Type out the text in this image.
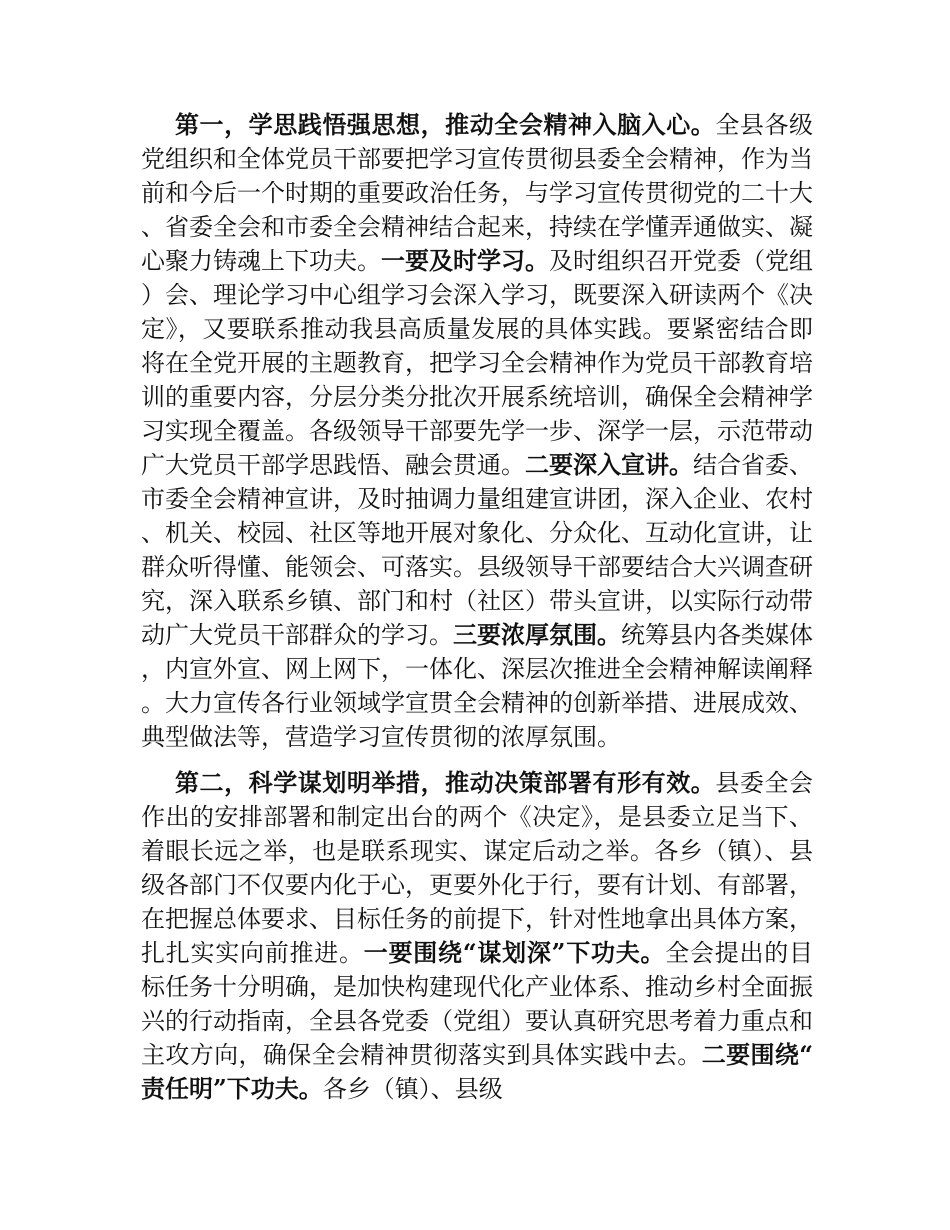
第一，学思践悟强思想，推动全会精神入脑入心。全县各级党组织和全体党员干部要把学习宣传贯彻县委全会精神，作为当前和今后一个时期的重要政治任务，与学习宣传贯彻党的二十大、省委全会和市委全会精神结合起来，持续在学懂弄通做实、凝心聚力铸魂上下功夫。一要及时学习。及时组织召开党委（党组）会、理论学习中心组学习会深入学习，既要深入研读两个《决定》，又要联系推动我县高质量发展的具体实践。要紧密结合即将在全党开展的主题教育，把学习全会精神作为党员干部教育培训的重要内容，分层分类分批次开展系统培训，确保全会精神学习实现全覆盖。各级领导干部要先学一步、深学一层，示范带动广大党员干部学思践悟、融会贯通。二要深入宣讲。结合省委、市委全会精神宣讲，及时抽调力量组建宣讲团，深入企业、农村、机关、校园、社区等地开展对象化、分众化、互动化宣讲，让群众听得懂、能领会、可落实。县级领导干部要结合大兴调查研究，深入联系乡镇、部门和村（社区）带头宣讲，以实际行动带动广大党员干部群众的学习。三要浓厚氛围。统筹县内各类媒体，内宣外宣、网上网下，一体化、深层次推进全会精神解读阐释。大力宣传各行业领域学宣贯全会精神的创新举措、进展成效、典型做法等，营造学习宣传贯彻的浓厚氛围。

第二，科学谋划明举措，推动决策部署有形有效。县委全会作出的安排部署和制定出台的两个《决定》，是县委立足当下、着眼长远之举，也是联系现实、谋定后动之举。各乡（镇）、县级各部门不仅要内化于心，更要外化于行，要有计划、有部署，在把握总体要求、目标任务的前提下，针对性地拿出具体方案，扎扎实实向前推进。一要围绕“谋划深”下功夫。全会提出的目标任务十分明确，是加快构建现代化产业体系、推动乡村全面振兴的行动指南，全县各党委（党组）要认真研究思考着力重点和主攻方向，确保全会精神贯彻落实到具体实践中去。二要围绕“责任明”下功夫。各乡（镇）、县级
